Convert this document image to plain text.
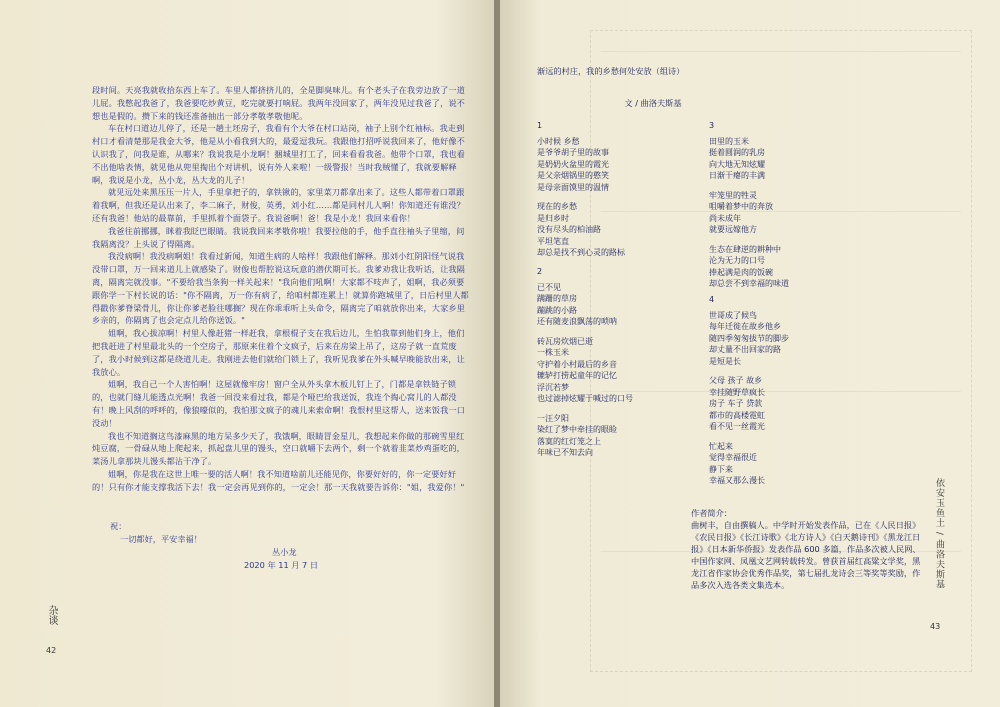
段时间。天亮我就收拾东西上车了。车里人都挤挤儿的，全是脚臭味儿。有个老头子在我旁边放了一道儿屁。我憋起我爸了，我爸要吃炒黄豆，吃完就要打响屁。我两年没回家了，两年没见过我爸了，说不想也是假的。攒下来的钱还准备抽出一部分孝敬孝敬他呢。

车在村口道边儿停了，还是一趟土坯房子，我看有个大爷在村口站岗，袖子上别个红袖标。我走到村口才看清楚那是我金大爷，他是从小看我到大的，最爱逗我玩。我跟他打招呼说我回来了，他好像不认识我了，问我是谁，从哪来？我说我是小龙啊！捆城里打工了，回来看看我爸。他带个口罩，我也看不出他啥表情，就见他从兜里掏出个对讲机，说有外人来啦！一级警报！当时我贼懂了，我就要解释啊，我说是小龙，丛小龙，丛大龙的儿子！

就见远处来黑压压一片人，手里拿把子的，拿铁锹的，家里菜刀都拿出来了。这些人都带着口罩跟着我啊，但我还是认出来了，李二麻子，财俊，英勇，刘小红……都是同村儿人啊！你知道还有谁没？还有我爸！他站的最靠前，手里抓着个面袋子。我说爸啊！爸！我是小龙！我回来看你！

我爸往前挪挪，眯着我眨巴眼睛。我说我回来孝敬你啦！我要拉他的手，他手直往袖头子里缩，问我隔离没？上头说了得隔离。

我没病啊！我没病啊姐！我看过新闻，知道生病的人啥样！我跟他们解释。那刘小红阴阳怪气说我没带口罩，万一回来道儿上就感染了。财俊也帮腔说这玩意的潜伏期可长。我爹劝我让我听话，让我隔离，隔离完就没事。"不要给我当条狗一样关起来！"我向他们吼啊！大家都不吱声了，姐啊，我必须要跟你学一下村长说的话："你不隔离，万一你有病了，给咱村都连累上！就算你跑城里了，日后村里人都得戳你爹脊梁骨儿，你让你爹老脸往哪搁？现在你乖乖听上头命令，隔离完了咱就放你出来，大家乡里乡亲的，你隔离了也会定点儿给你送饭。"

姐啊，我心拔凉啊！村里人像赶猪一样赶我，拿根棍子支在我后边儿，生怕我靠到他们身上，他们把我赶进了村里最北头的一个空房子，那原来住着个文疯子，后来在房梁上吊了，这房子就一直荒废了，我小时候到这都是绕道儿走。我刚进去他们就给门锁上了，我听见我爹在外头喊早晚能放出来，让我放心。

姐啊，我自己一个人害怕啊！这屋就像牢房！窗户全从外头拿木板儿钉上了，门都是拿铁链子锁的，也就门缝儿能透点光啊！我爸一回没来看过我，都是个哑巴给我送饭，我连个掏心窝儿的人都没有！晚上风刮的呼呼的，像狼嚎似的，我怕那文疯子的魂儿来索命啊！我恨村里这帮人，送来饭我一口没动！

我也不知道搁这鸟漆麻黑的地方呆多少天了，我饿啊，眼睛冒金星儿，我想起来你做的那碗雪里红炖豆腐，一骨碌从地上爬起来，抓起盘儿里的馒头，空口就嚼下去两个，剩一个就着韭菜炒鸡蛋吃的，菜汤儿拿那块儿馒头都沾干净了。

姐啊，你是我在这世上唯一要的活人啊！我不知道啥前儿还能见你，你要好好的，你一定要好好的！只有你才能支撑我活下去！我一定会再见到你的，一定会！那一天我就要告诉你："姐，我爱你！"

祝：
一切都好，平安幸福！
丛小龙
2020 年 11 月 7 日
杂谈
42
渐远的村庄，我的乡愁何处安放（组诗）
文 / 曲洛夫斯基
1
小时候 乡愁
是爷爷胡子里的故事
是奶奶火盆里的霞光
是父亲烟锅里的憨笑
是母亲面馍里的温情
现在的乡愁
是归乡时
没有尽头的柏油路
平坦笔直
却总是找不到心灵的路标
2
已不见
蹒跚的草房
蹦跳的小路
还有随麦浪飘荡的唢呐
砖瓦房炊烟已逝
一株玉米
守护着小村最后的乡音
辘轳打捞起童年的记忆
浮沉若梦
也过滤掉炫耀于喊过的口号
一汪夕阳
染红了梦中牵挂的眼睑
落寞的红灯笼之上
年味已不知去向
3
田里的玉米
挺着圆润的乳房
向大地无知炫耀
日渐干瘪的丰满
牢笼里的牲灵
咀嚼着梦中的奔放
尚未成年
就要远嫁他方
生态在肆逆的耕种中
沦为无力的口号
捧起满是肉的饭碗
却总尝不到幸福的味道
4
世哥成了候鸟
每年迁徙在故乡他乡
随四季匆匆拔节的脚步
却丈量不出回家的路
是短是长
父母 孩子 故乡
幸挂随野草疯长
房子 车子 贷款
都市的高楼霓虹
看不见一丝霞光
忙起来
觉得幸福很近
静下来
幸福又那么漫长
作者简介：
曲树丰，自由撰稿人。中学时开始发表作品，已在《人民日报》《农民日报》《长江诗歌》《北方诗人》《白天鹅诗刊》《黑龙江日报》《日本新华侨报》发表作品 600 多篇，作品多次被人民网、中国作家网、凤凰文艺网转载转发。曾获首届红高粱文学奖，黑龙江省作家协会优秀作品奖，第七届扎龙诗会三等奖等奖励，作品多次入选各类文集选本。	依安玉鱼土 / 曲洛夫斯基
43
